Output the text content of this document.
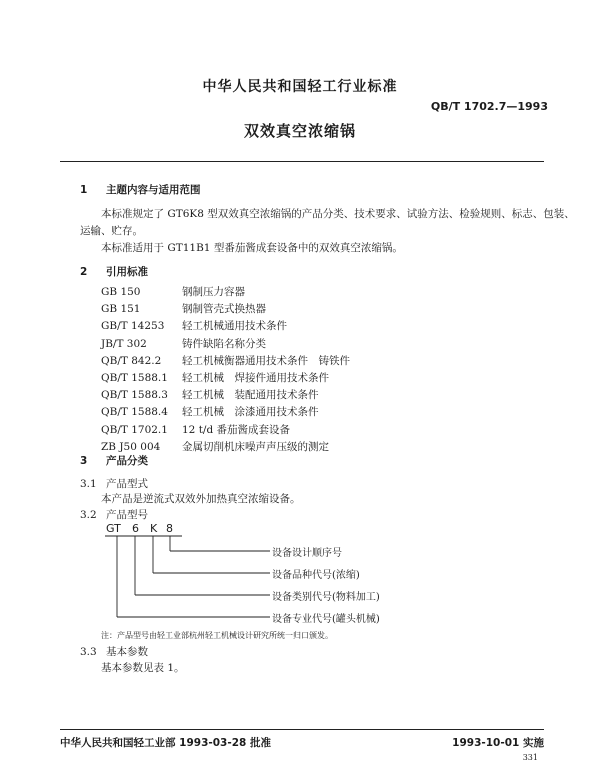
中华人民共和国轻工行业标准
QB/T 1702.7—1993
双效真空浓缩锅
1 主题内容与适用范围
本标准规定了 GT6K8 型双效真空浓缩锅的产品分类、技术要求、试验方法、检验规则、标志、包装、
运输、贮存。
本标准适用于 GT11B1 型番茄酱成套设备中的双效真空浓缩锅。
2 引用标准
GB 150	钢制压力容器
GB 151	钢制管壳式换热器
GB/T 14253 轻工机械通用技术条件
JB/T 302	铸件缺陷名称分类
QB/T 842.2 轻工机械衡器通用技术条件　铸铁件
QB/T 1588.1 轻工机械　焊接件通用技术条件
QB/T 1588.3 轻工机械　装配通用技术条件
QB/T 1588.4 轻工机械　涂漆通用技术条件
QB/T 1702.1 12 t/d 番茄酱成套设备
ZB J50 004 金属切削机床噪声声压级的测定
3 产品分类
3.1 产品型式
本产品是逆流式双效外加热真空浓缩设备。
3.2 产品型号
GT 6 K 8
设备设计顺序号
设备品种代号(浓缩)
设备类别代号(物料加工)
设备专业代号(罐头机械)
注：产品型号由轻工业部杭州轻工机械设计研究所统一归口颁发。
3.3 基本参数
基本参数见表 1。
中华人民共和国轻工业部 1993-03-28 批准	1993-10-01 实施
331
